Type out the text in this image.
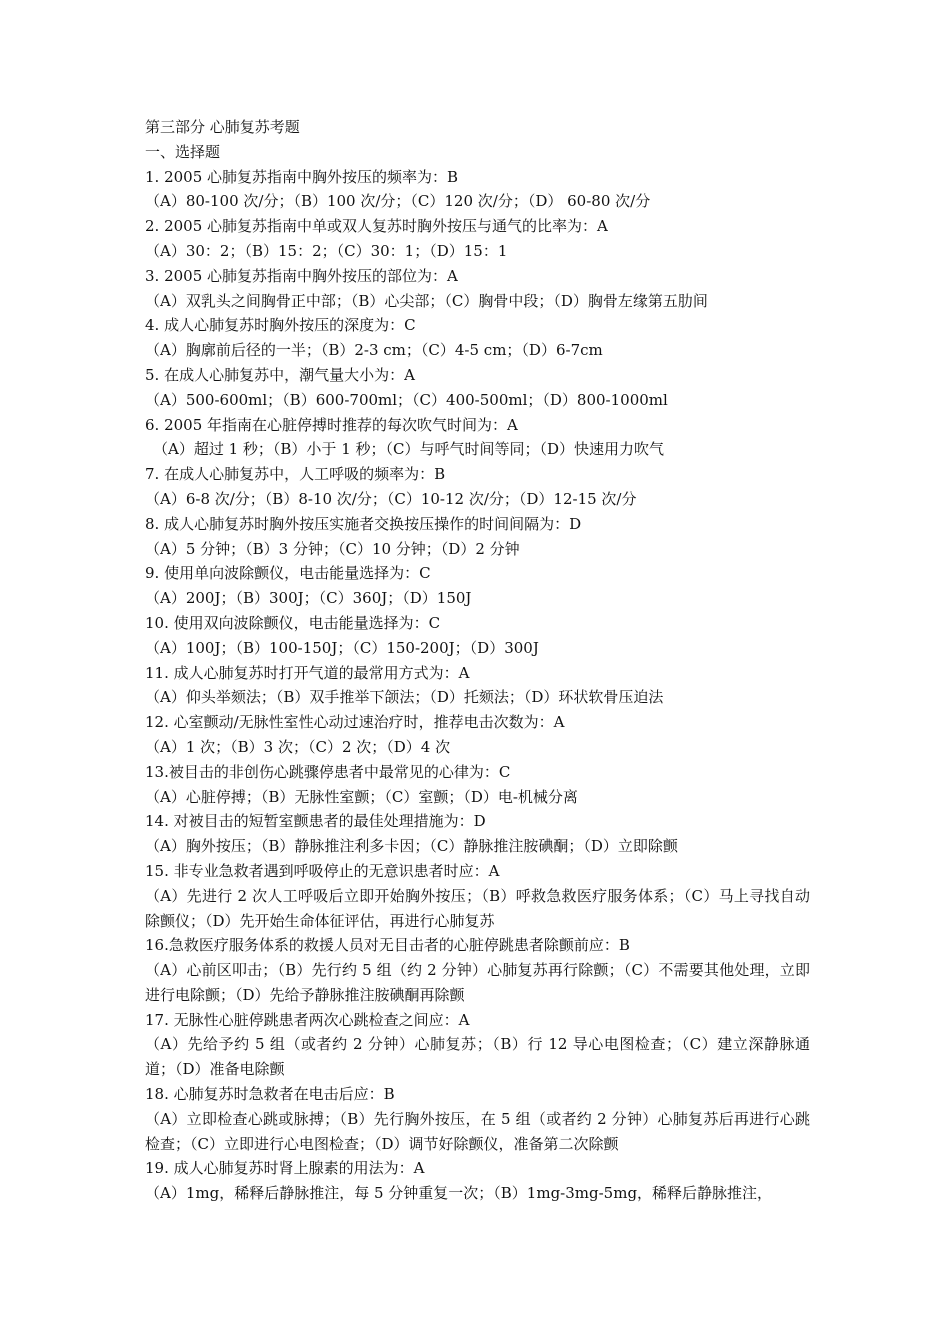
第三部分 心肺复苏考题
一、选择题
1. 2005 心肺复苏指南中胸外按压的频率为：B
（A）80-100 次/分；（B）100 次/分；（C）120 次/分；（D） 60-80 次/分
2. 2005 心肺复苏指南中单或双人复苏时胸外按压与通气的比率为：A
（A）30：2；（B）15：2；（C）30：1；（D）15：1
3. 2005 心肺复苏指南中胸外按压的部位为：A
（A）双乳头之间胸骨正中部；（B）心尖部；（C）胸骨中段；（D）胸骨左缘第五肋间
4. 成人心肺复苏时胸外按压的深度为：C
（A）胸廓前后径的一半；（B）2-3 cm；（C）4-5 cm；（D）6-7cm
5. 在成人心肺复苏中，潮气量大小为：A
（A）500-600ml；（B）600-700ml；（C）400-500ml；（D）800-1000ml
6. 2005 年指南在心脏停搏时推荐的每次吹气时间为：A
（A）超过 1 秒；（B）小于 1 秒；（C）与呼气时间等同；（D）快速用力吹气
7. 在成人心肺复苏中，人工呼吸的频率为：B
（A）6-8 次/分；（B）8-10 次/分；（C）10-12 次/分；（D）12-15 次/分
8. 成人心肺复苏时胸外按压实施者交换按压操作的时间间隔为：D
（A）5 分钟；（B）3 分钟；（C）10 分钟；（D）2 分钟
9. 使用单向波除颤仪，电击能量选择为：C
（A）200J；（B）300J；（C）360J；（D）150J
10. 使用双向波除颤仪，电击能量选择为：C
（A）100J；（B）100-150J；（C）150-200J；（D）300J
11. 成人心肺复苏时打开气道的最常用方式为：A
（A）仰头举颏法；（B）双手推举下颌法；（D）托颏法；（D）环状软骨压迫法
12. 心室颤动/无脉性室性心动过速治疗时，推荐电击次数为：A
（A）1 次；（B）3 次；（C）2 次；（D）4 次
13.被目击的非创伤心跳骤停患者中最常见的心律为：C
（A）心脏停搏；（B）无脉性室颤；（C）室颤；（D）电-机械分离
14. 对被目击的短暂室颤患者的最佳处理措施为：D
（A）胸外按压；（B）静脉推注利多卡因；（C）静脉推注胺碘酮；（D）立即除颤
15. 非专业急救者遇到呼吸停止的无意识患者时应：A
（A）先进行 2 次人工呼吸后立即开始胸外按压；（B）呼救急救医疗服务体系；（C）马上寻找自动除颤仪；（D）先开始生命体征评估，再进行心肺复苏
16.急救医疗服务体系的救援人员对无目击者的心脏停跳患者除颤前应：B
（A）心前区叩击；（B）先行约 5 组（约 2 分钟）心肺复苏再行除颤；（C）不需要其他处理，立即进行电除颤；（D）先给予静脉推注胺碘酮再除颤
17. 无脉性心脏停跳患者两次心跳检查之间应：A
（A）先给予约 5 组（或者约 2 分钟）心肺复苏；（B）行 12 导心电图检查；（C）建立深静脉通道；（D）准备电除颤
18. 心肺复苏时急救者在电击后应：B
（A）立即检查心跳或脉搏；（B）先行胸外按压，在 5 组（或者约 2 分钟）心肺复苏后再进行心跳检查；（C）立即进行心电图检查；（D）调节好除颤仪，准备第二次除颤
19. 成人心肺复苏时肾上腺素的用法为：A
（A）1mg，稀释后静脉推注，每 5 分钟重复一次；（B）1mg-3mg-5mg，稀释后静脉推注，
